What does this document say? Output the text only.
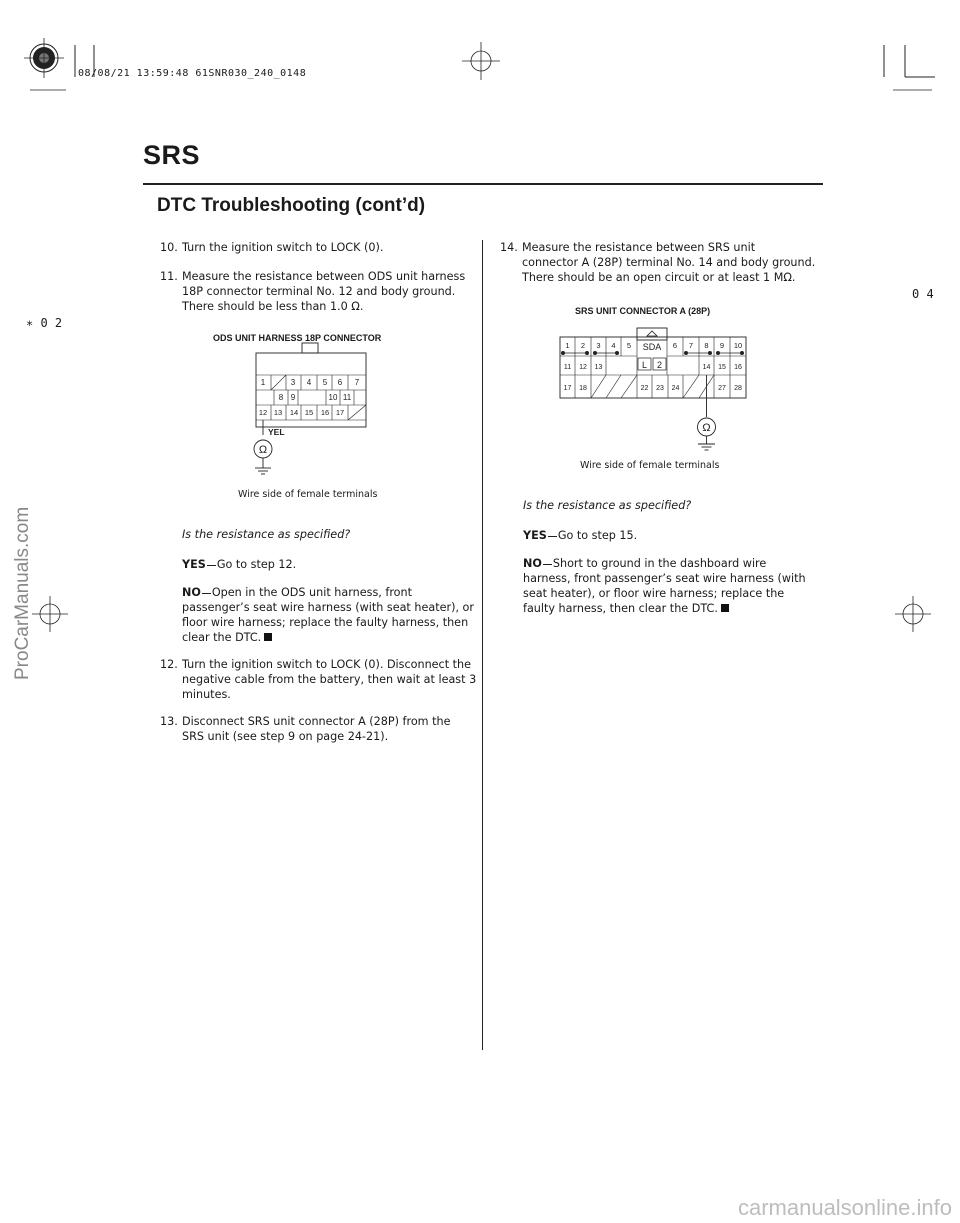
08/08/21 13:59:48 61SNR030_240_0148
SRS
DTC Troubleshooting (cont’d)
∗ 0 2
0 4
10. Turn the ignition switch to LOCK (0).
11. Measure the resistance between ODS unit harness
18P connector terminal No. 12 and body ground.
There should be less than 1.0 Ω.
ODS UNIT HARNESS 18P CONNECTOR
1	3 4 5 6 7
8 9	10 11
12 13 14 15 16 17
YEL
Ω
Wire side of female terminals
Is the resistance as specified?
YES Go to step 12.
NO Open in the ODS unit harness, front
passenger’s seat wire harness (with seat heater), or
floor wire harness; replace the faulty harness, then
clear the DTC.
12. Turn the ignition switch to LOCK (0). Disconnect the
negative cable from the battery, then wait at least 3
minutes.
13. Disconnect SRS unit connector A (28P) from the
SRS unit (see step 9 on page 24-21).
14. Measure the resistance between SRS unit
connector A (28P) terminal No. 14 and body ground.
There should be an open circuit or at least 1 MΩ.
SRS UNIT CONNECTOR A (28P)
SDA
L 2
1 2 3 4 5	6 7 8 9 10
11 12 13	14 15 16
17 18	22 23 24	27 28
Ω
Wire side of female terminals
Is the resistance as specified?
YES Go to step 15.
NO Short to ground in the dashboard wire
harness, front passenger’s seat wire harness (with
seat heater), or floor wire harness; replace the
faulty harness, then clear the DTC.
ProCarManuals.com
carmanualsonline.info
